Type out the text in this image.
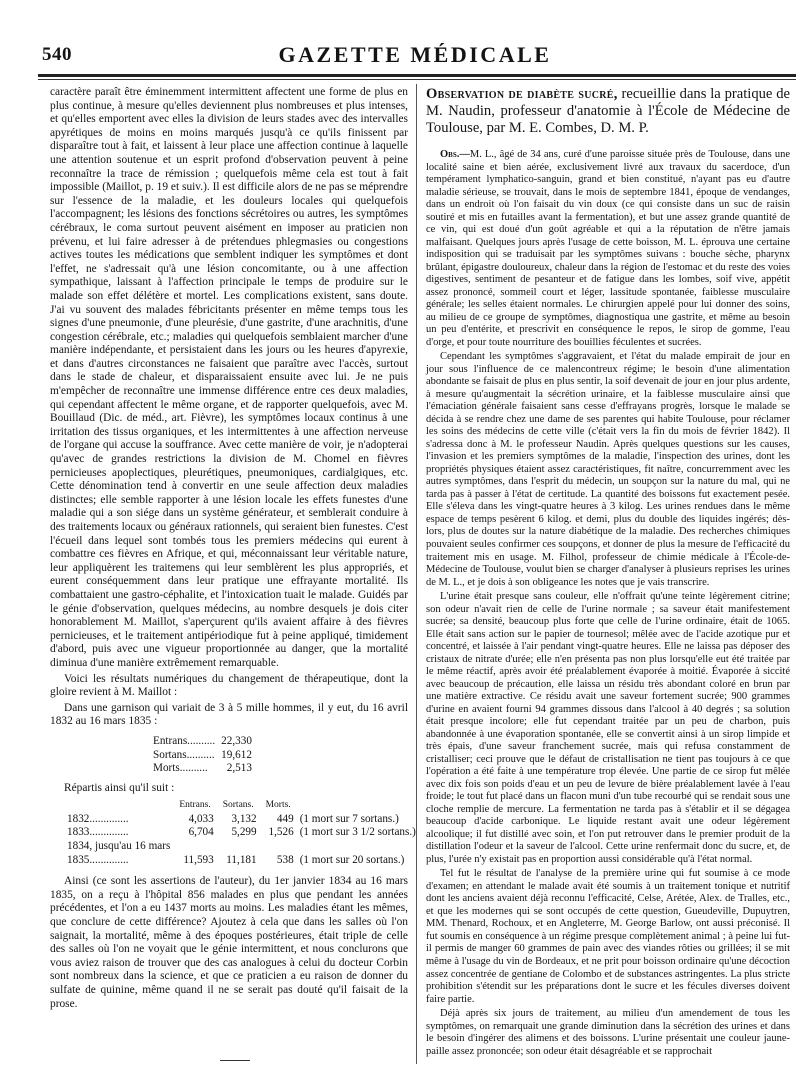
540	GAZETTE MÉDICALE

caractère paraît être éminemment intermittent affectent une forme de plus en plus continue, à mesure qu'elles deviennent plus nombreuses et plus intenses, et qu'elles emportent avec elles la division de leurs stades avec des intervalles apyrétiques de moins en moins marqués jusqu'à ce qu'ils finissent par disparaître tout à fait, et laissent à leur place une affection continue à laquelle une attention soutenue et un esprit profond d'observation peuvent à peine reconnaître la trace de rémission ; quelquefois même cela est tout à fait impossible (Maillot, p. 19 et suiv.). Il est difficile alors de ne pas se méprendre sur l'essence de la maladie, et les douleurs locales qui quelquefois l'accompagnent; les lésions des fonctions sécrétoires ou autres, les symptômes cérébraux, le coma surtout peuvent aisément en imposer au praticien non prévenu, et lui faire adresser à de prétendues phlegmasies ou congestions actives toutes les médications que semblent indiquer les symptômes et dont l'effet, ne s'adressait qu'à une lésion concomitante, ou à une affection sympathique, laissant à l'affection principale le temps de produire sur le malade son effet délétère et mortel. Les complications existent, sans doute. J'ai vu souvent des malades fébricitants présenter en même temps tous les signes d'une pneumonie, d'une pleurésie, d'une gastrite, d'une arachnitis, d'une congestion cérébrale, etc.; maladies qui quelquefois semblaient marcher d'une manière indépendante, et persistaient dans les jours ou les heures d'apyrexie, et dans d'autres circonstances ne faisaient que paraître avec l'accès, surtout dans le stade de chaleur, et disparaissaient ensuite avec lui. Je ne puis m'empêcher de reconnaître une immense différence entre ces deux maladies, qui cependant affectent le même organe, et de rapporter quelquefois, avec M. Bouillaud (Dic. de méd., art. Fièvre), les symptômes locaux continus à une irritation des tissus organiques, et les intermittentes à une affection nerveuse de l'organe qui accuse la souffrance. Avec cette manière de voir, je n'adopterai qu'avec de grandes restrictions la division de M. Chomel en fièvres pernicieuses apoplectiques, pleurétiques, pneumoniques, cardialgiques, etc. Cette dénomination tend à convertir en une seule affection deux maladies distinctes; elle semble rapporter à une lésion locale les effets funestes d'une maladie qui a son siége dans un système générateur, et semblerait conduire à des traitements locaux ou généraux rationnels, qui seraient bien funestes. C'est l'écueil dans lequel sont tombés tous les premiers médecins qui eurent à combattre ces fièvres en Afrique, et qui, méconnaissant leur véritable nature, leur appliquèrent les traitemens qui leur semblèrent les plus appropriés, et eurent conséquemment dans leur pratique une effrayante mortalité. Ils combattaient une gastro-céphalite, et l'intoxication tuait le malade. Guidés par le génie d'observation, quelques médecins, au nombre desquels je dois citer honorablement M. Maillot, s'aperçurent qu'ils avaient affaire à des fièvres pernicieuses, et le traitement antipériodique fut à peine appliqué, timidement d'abord, puis avec une vigueur proportionnée au danger, que la mortalité diminua d'une manière extrêmement remarquable.

Voici les résultats numériques du changement de thérapeutique, dont la gloire revient à M. Maillot :

Dans une garnison qui variait de 3 à 5 mille hommes, il y eut, du 16 avril 1832 au 16 mars 1835 :

Entrans..........	22,330
Sortans..........	19,612
Morts..........	2,513

Répartis ainsi qu'il suit :

	Entrans.	Sortans.	Morts.	
1832..............	4,033	3,132	449	(1 mort sur 7 sortans.)
1833..............	6,704	5,299	1,526	(1 mort sur 3 1/2 sortans.)
1834, jusqu'au 16 mars				
1835..............	11,593	11,181	538	(1 mort sur 20 sortans.)

Ainsi (ce sont les assertions de l'auteur), du 1er janvier 1834 au 16 mars 1835, on a reçu à l'hôpital 856 malades en plus que pendant les années précédentes, et l'on a eu 1437 morts au moins. Les maladies étant les mêmes, que conclure de cette différence? Ajoutez à cela que dans les salles où l'on saignait, la mortalité, même à des époques postérieures, était triple de celle des salles où l'on ne voyait que le génie intermittent, et nous conclurons que vous aviez raison de trouver que des cas analogues à celui du docteur Corbin sont nombreux dans la science, et que ce praticien a eu raison de donner du sulfate de quinine, même quand il ne se serait pas douté qu'il faisait de la prose.

Observation de diabète sucré, recueillie dans la pratique de M. Naudin, professeur d'anatomie à l'École de Médecine de Toulouse, par M. E. Combes, D. M. P.

Obs.—M. L., âgé de 34 ans, curé d'une paroisse située près de Toulouse, dans une localité saine et bien aérée, exclusivement livré aux travaux du sacerdoce, d'un tempérament lymphatico-sanguin, grand et bien constitué, n'ayant pas eu d'autre maladie sérieuse, se trouvait, dans le mois de septembre 1841, époque de vendanges, dans un endroit où l'on faisait du vin doux (ce qui consiste dans un suc de raisin soutiré et mis en futailles avant la fermentation), et but une assez grande quantité de ce vin, qui est doué d'un goût agréable et qui a la réputation de n'être jamais malfaisant. Quelques jours après l'usage de cette boisson, M. L. éprouva une certaine indisposition qui se traduisait par les symptômes suivans : bouche sèche, pharynx brûlant, épigastre douloureux, chaleur dans la région de l'estomac et du reste des voies digestives, sentiment de pesanteur et de fatigue dans les lombes, soif vive, appétit assez prononcé, sommeil court et léger, lassitude spontanée, faiblesse musculaire générale; les selles étaient normales. Le chirurgien appelé pour lui donner des soins, au milieu de ce groupe de symptômes, diagnostiqua une gastrite, et même au besoin un peu d'entérite, et prescrivit en conséquence le repos, le sirop de gomme, l'eau d'orge, et pour toute nourriture des bouillies féculentes et sucrées.

Cependant les symptômes s'aggravaient, et l'état du malade empirait de jour en jour sous l'influence de ce malencontreux régime; le besoin d'une alimentation abondante se faisait de plus en plus sentir, la soif devenait de jour en jour plus ardente, à mesure qu'augmentait la sécrétion urinaire, et la faiblesse musculaire ainsi que l'émaciation générale faisaient sans cesse d'effrayans progrès, lorsque le malade se décida à se rendre chez une dame de ses parentes qui habite Toulouse, pour réclamer les soins des médecins de cette ville (c'était vers la fin du mois de février 1842). Il s'adressa donc à M. le professeur Naudin. Après quelques questions sur les causes, l'invasion et les premiers symptômes de la maladie, l'inspection des urines, dont les propriétés physiques étaient assez caractéristiques, fit naître, concurremment avec les autres symptômes, dans l'esprit du médecin, un soupçon sur la nature du mal, qui ne tarda pas à passer à l'état de certitude. La quantité des boissons fut exactement pesée. Elle s'éleva dans les vingt-quatre heures à 3 kilog. Les urines rendues dans le même espace de temps pesèrent 6 kilog. et demi, plus du double des liquides ingérés; dès-lors, plus de doutes sur la nature diabétique de la maladie. Des recherches chimiques pouvaient seules confirmer ces soupçons, et donner de plus la mesure de l'efficacité du traitement mis en usage. M. Filhol, professeur de chimie médicale à l'École-de-Médecine de Toulouse, voulut bien se charger d'analyser à plusieurs reprises les urines de M. L., et je dois à son obligeance les notes que je vais transcrire.

L'urine était presque sans couleur, elle n'offrait qu'une teinte légèrement citrine; son odeur n'avait rien de celle de l'urine normale ; sa saveur était manifestement sucrée; sa densité, beaucoup plus forte que celle de l'urine ordinaire, était de 1065. Elle était sans action sur le papier de tournesol; mêlée avec de l'acide azotique pur et concentré, et laissée à l'air pendant vingt-quatre heures. Elle ne laissa pas déposer des cristaux de nitrate d'urée; elle n'en présenta pas non plus lorsqu'elle eut été traitée par le même réactif, après avoir été préalablement évaporée à moitié. Évaporée à siccité avec beaucoup de précaution, elle laissa un résidu très abondant coloré en brun par une matière extractive. Ce résidu avait une saveur fortement sucrée; 900 grammes d'urine en avaient fourni 94 grammes dissous dans l'alcool à 40 degrés ; sa solution était presque incolore; elle fut cependant traitée par un peu de charbon, puis abandonnée à une évaporation spontanée, elle se convertit ainsi à un sirop limpide et très épais, d'une saveur franchement sucrée, mais qui refusa constamment de cristalliser; ceci prouve que le défaut de cristallisation ne tient pas toujours à ce que l'opération a été faite à une température trop élevée. Une partie de ce sirop fut mêlée avec dix fois son poids d'eau et un peu de levure de bière préalablement lavée à l'eau froide; le tout fut placé dans un flacon muni d'un tube recourbé qui se rendait sous une cloche remplie de mercure. La fermentation ne tarda pas à s'établir et il se dégagea beaucoup d'acide carbonique. Le liquide restant avait une odeur légèrement alcoolique; il fut distillé avec soin, et l'on put retrouver dans le premier produit de la distillation l'odeur et la saveur de l'alcool. Cette urine renfermait donc du sucre, et, de plus, l'urée n'y existait pas en proportion aussi considérable qu'à l'état normal.

Tel fut le résultat de l'analyse de la première urine qui fut soumise à ce mode d'examen; en attendant le malade avait été soumis à un traitement tonique et nutritif dont les anciens avaient déjà reconnu l'efficacité, Celse, Arétée, Alex. de Tralles, etc., et que les modernes qui se sont occupés de cette question, Gueudeville, Dupuytren, MM. Thenard, Rochoux, et en Angleterre, M. George Barlow, ont aussi préconisé. Il fut soumis en conséquence à un régime presque complètement animal ; à peine lui fut-il permis de manger 60 grammes de pain avec des viandes rôties ou grillées; il se mit même à l'usage du vin de Bordeaux, et ne prit pour boisson ordinaire qu'une décoction assez concentrée de gentiane de Colombo et de substances astringentes. La plus stricte prohibition s'étendit sur les préparations dont le sucre et les fécules diverses doivent faire partie.

Déjà après six jours de traitement, au milieu d'un amendement de tous les symptômes, on remarquait une grande diminution dans la sécrétion des urines et dans le besoin d'ingérer des alimens et des boissons. L'urine présentait une couleur jaune-paille assez prononcée; son odeur était désagréable et se rapprochait
